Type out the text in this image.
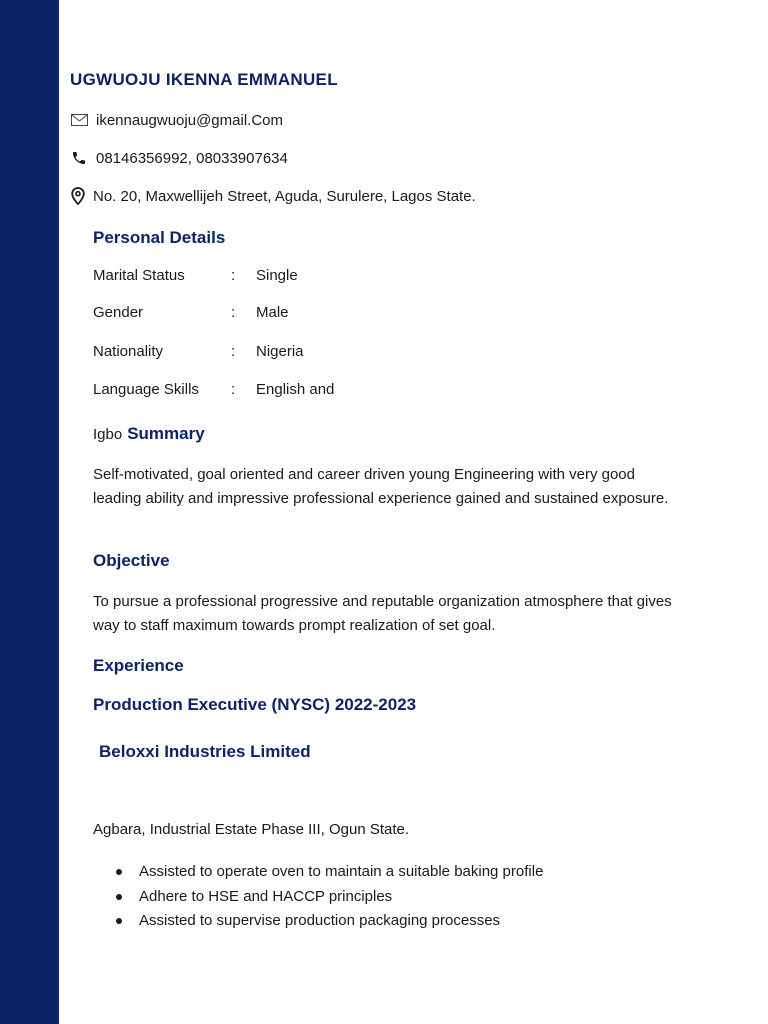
UGWUOJU IKENNA EMMANUEL
ikennaugwuoju@gmail.Com
08146356992, 08033907634
No. 20, Maxwellijeh Street, Aguda, Surulere, Lagos State.
Personal Details
Marital Status	:	Single
Gender	:	Male
Nationality	:	Nigeria
Language Skills	:	English and
Igbo Summary
Self-motivated, goal oriented and career driven young Engineering with very good leading ability and impressive professional experience gained and sustained exposure.
Objective
To pursue a professional progressive and reputable organization atmosphere that gives way to staff maximum towards prompt realization of set goal.
Experience
Production Executive (NYSC) 2022-2023
Beloxxi Industries Limited
Agbara, Industrial Estate Phase III, Ogun State.
Assisted to operate oven to maintain a suitable baking profile
Adhere to HSE and HACCP principles
Assisted to supervise production packaging processes
